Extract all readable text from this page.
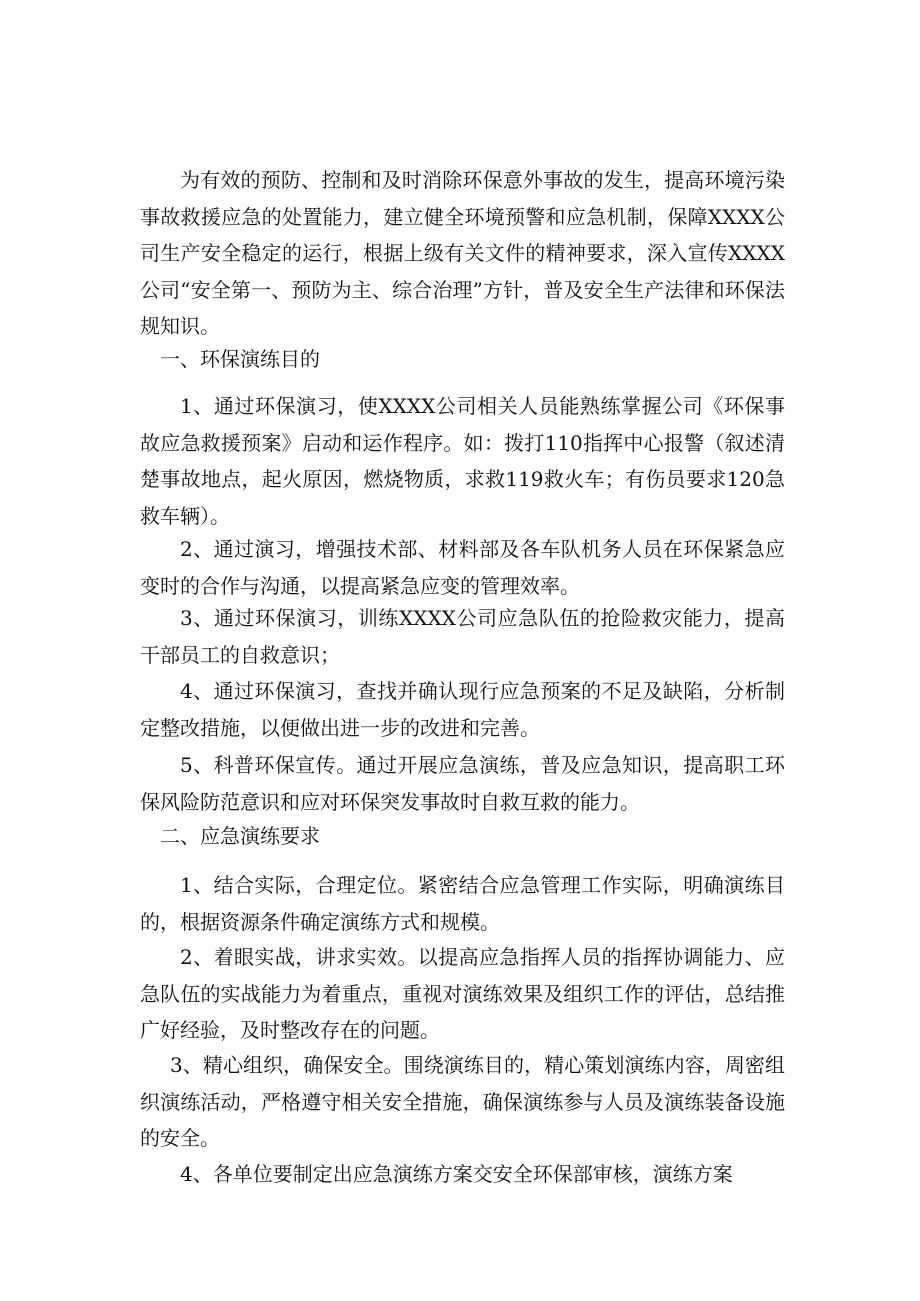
为有效的预防、控制和及时消除环保意外事故的发生，提高环境污染事故救援应急的处置能力，建立健全环境预警和应急机制，保障XXXX公司生产安全稳定的运行，根据上级有关文件的精神要求，深入宣传XXXX公司“安全第一、预防为主、综合治理”方针，普及安全生产法律和环保法规知识。

一、环保演练目的

1、通过环保演习，使XXXX公司相关人员能熟练掌握公司《环保事故应急救援预案》启动和运作程序。如：拨打110指挥中心报警（叙述清楚事故地点，起火原因，燃烧物质，求救119救火车；有伤员要求120急救车辆）。

2、通过演习，增强技术部、材料部及各车队机务人员在环保紧急应变时的合作与沟通，以提高紧急应变的管理效率。

3、通过环保演习，训练XXXX公司应急队伍的抢险救灾能力，提高干部员工的自救意识；

4、通过环保演习，查找并确认现行应急预案的不足及缺陷，分析制定整改措施，以便做出进一步的改进和完善。

5、科普环保宣传。通过开展应急演练，普及应急知识，提高职工环保风险防范意识和应对环保突发事故时自救互救的能力。

二、应急演练要求

1、结合实际，合理定位。紧密结合应急管理工作实际，明确演练目的，根据资源条件确定演练方式和规模。

2、着眼实战，讲求实效。以提高应急指挥人员的指挥协调能力、应急队伍的实战能力为着重点，重视对演练效果及组织工作的评估，总结推广好经验，及时整改存在的问题。

3、精心组织，确保安全。围绕演练目的，精心策划演练内容，周密组织演练活动，严格遵守相关安全措施，确保演练参与人员及演练装备设施的安全。

4、各单位要制定出应急演练方案交安全环保部审核，演练方案
